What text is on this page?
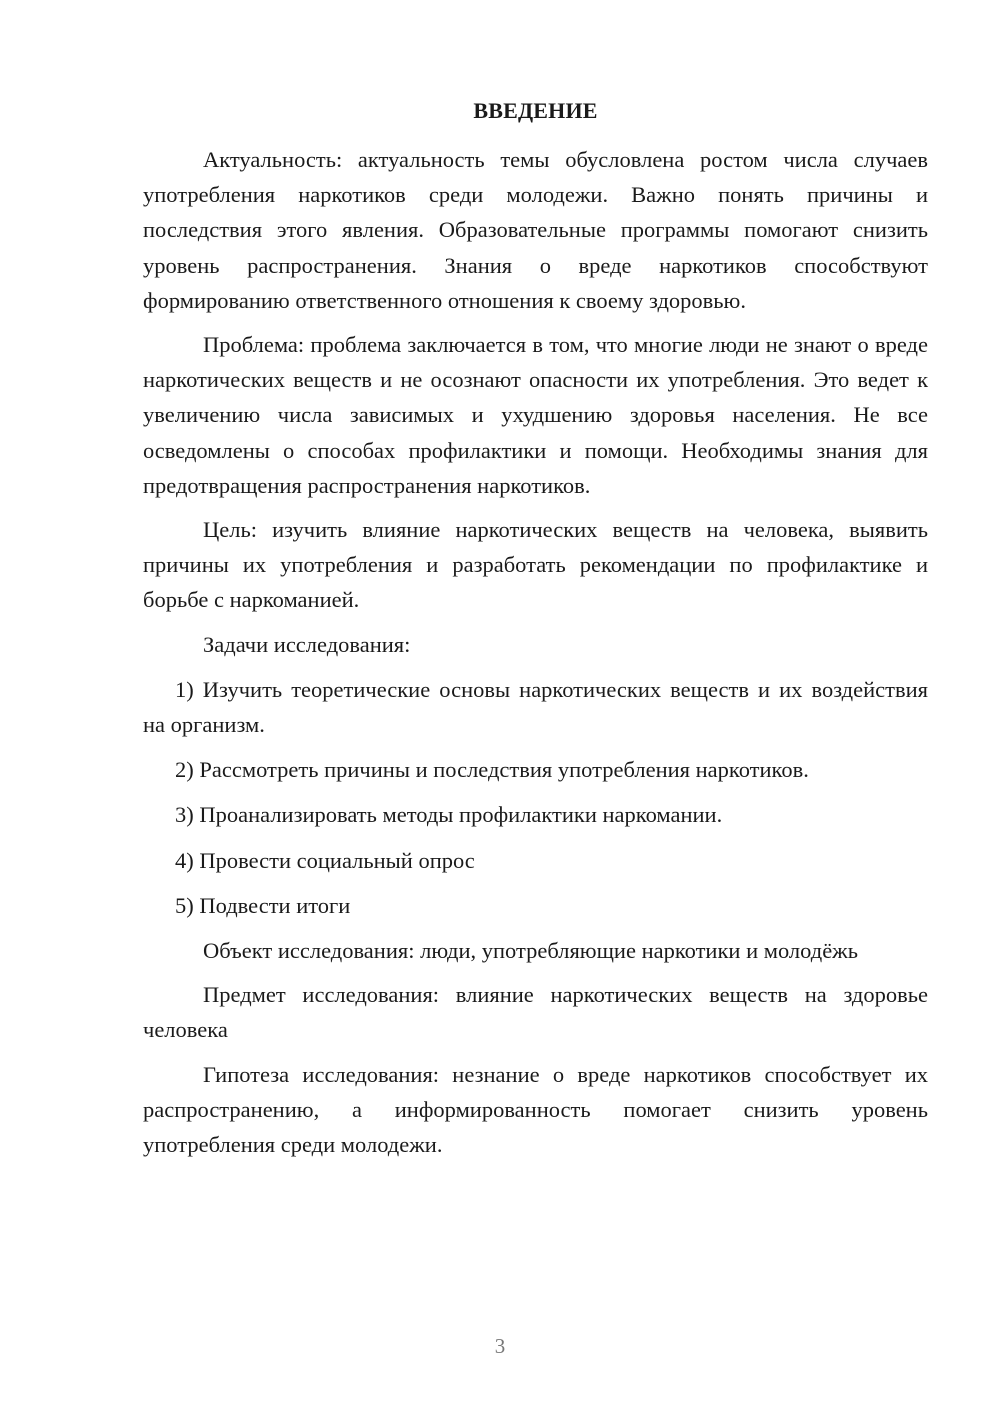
ВВЕДЕНИЕ

Актуальность: актуальность темы обусловлена ростом числа случаев употребления наркотиков среди молодежи. Важно понять причины и последствия этого явления. Образовательные программы помогают снизить уровень распространения. Знания о вреде наркотиков способствуют формированию ответственного отношения к своему здоровью.

Проблема: проблема заключается в том, что многие люди не знают о вреде наркотических веществ и не осознают опасности их употребления. Это ведет к увеличению числа зависимых и ухудшению здоровья населения. Не все осведомлены о способах профилактики и помощи. Необходимы знания для предотвращения распространения наркотиков.

Цель: изучить влияние наркотических веществ на человека, выявить причины их употребления и разработать рекомендации по профилактике и борьбе с наркоманией.

Задачи исследования:

1) Изучить теоретические основы наркотических веществ и их воздействия на организм.

2) Рассмотреть причины и последствия употребления наркотиков.

3) Проанализировать методы профилактики наркомании.

4) Провести социальный опрос

5) Подвести итоги

Объект исследования: люди, употребляющие наркотики и молодёжь

Предмет исследования: влияние наркотических веществ на здоровье человека

Гипотеза исследования: незнание о вреде наркотиков способствует их распространению, а информированность помогает снизить уровень употребления среди молодежи.

3
